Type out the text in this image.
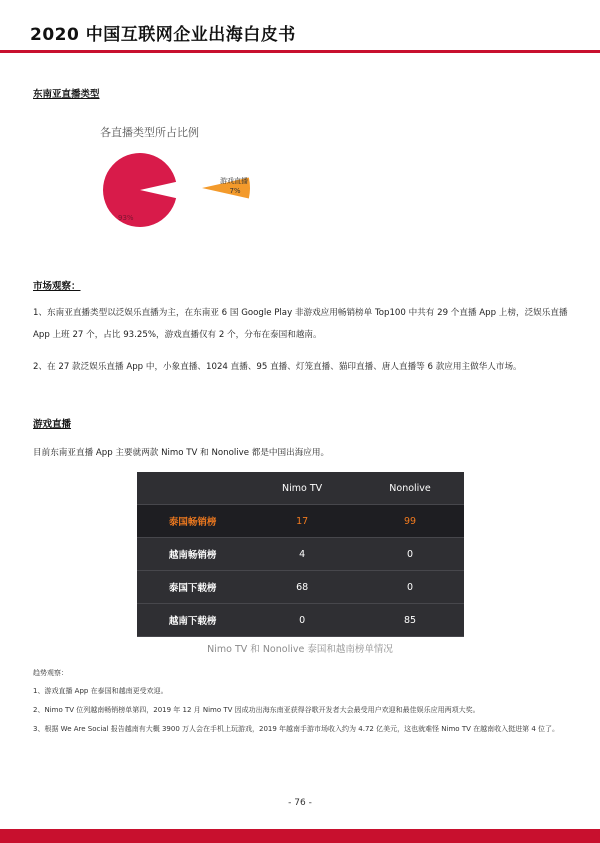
2020 中国互联网企业出海白皮书
东南亚直播类型
各直播类型所占比例
游戏直播
7%
93%
市场观察：
1、东南亚直播类型以泛娱乐直播为主，在东南亚 6 国 Google Play 非游戏应用畅销榜单 Top100 中共有 29 个直播 App 上榜，泛娱乐直播 App 上班 27 个，占比 93.25%，游戏直播仅有 2 个，分布在泰国和越南。
2、在 27 款泛娱乐直播 App 中，小象直播、1024 直播、95 直播、灯笼直播、猫印直播、唐人直播等 6 款应用主做华人市场。
游戏直播
目前东南亚直播 App 主要就两款 Nimo TV 和 Nonolive 都是中国出海应用。
	Nimo TV	Nonolive
泰国畅销榜	17	99
越南畅销榜	4	0
泰国下载榜	68	0
越南下载榜	0	85
Nimo TV 和 Nonolive 泰国和越南榜单情况
趋势观察：
1、游戏直播 App 在泰国和越南更受欢迎。
2、Nimo TV 位列越南畅销榜单第四，2019 年 12 月 Nimo TV 因成功出海东南亚获得谷歌开发者大会最受用户欢迎和最佳娱乐应用两项大奖。
3、根据 We Are Social 报告越南有大概 3900 万人会在手机上玩游戏，2019 年越南手游市场收入约为 4.72 亿美元，这也就难怪 Nimo TV 在越南收入挺进第 4 位了。
- 76 -
